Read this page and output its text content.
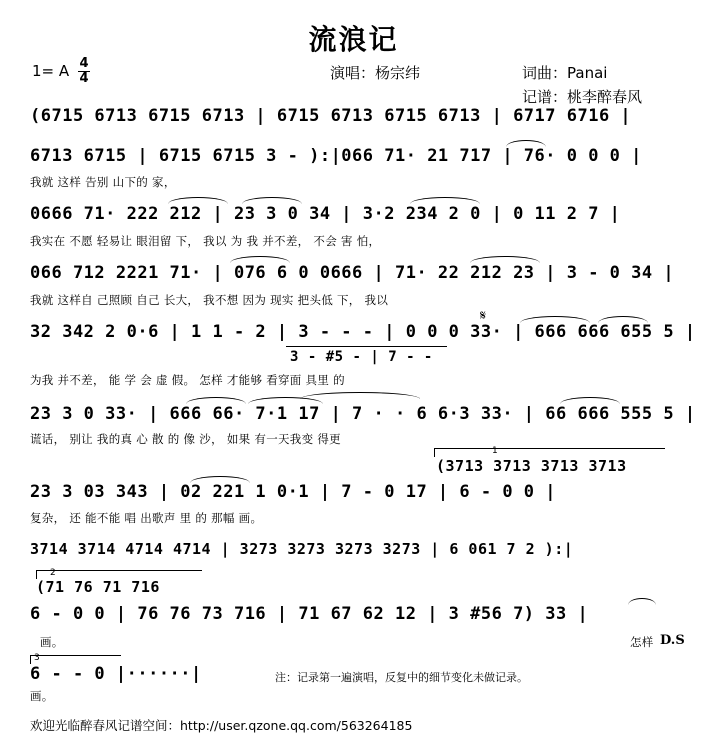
流浪记
1= A 4
4	演唱：杨宗纬	词曲：Panai
记谱：桃李醉春风
(6715 6713 6715 6713 | 6715 6713 6715 6713 | 6717 6716 |
6713 6715 | 6715 6715 3 - ):|066 71· 21 717 | 76· 0 0 0 |
我就 这样 告别 山下的 家，
0666 71· 222 212 | 23 3 0 34 | 3·2 234 2 0 | 0 11 2 7 |
我实在 不愿 轻易让 眼泪留 下， 我以 为 我 并不差， 不会 害 怕，
066 712 2221 71· | 076 6 0 0666 | 71· 22 212 23 | 3 - 0 34 |
我就 这样自 己照顾 自己 长大， 我不想 因为 现实 把头低 下， 我以
32 342 2 0·6 | 1 1 - 2 | 3 - - - | 0 0 0 33· | 666 666 655 5 |
𝄋
3 - #5 - | 7 - -
为我 并不差， 能 学 会 虚 假。 怎样 才能够 看穿面 具里 的
23 3 0 33· | 666 66· 7·1 17 | 7 · · 6 6·3 33· | 66 666 555 5 |
谎话， 别让 我的真 心 散 的 像 沙， 如果 有一天我变 得更
1
(3713 3713 3713 3713
23 3 03 343 | 02 221 1 0·1 | 7 - 0 17 | 6 - 0 0 |
复杂， 还 能不能 唱 出歌声 里 的 那幅 画。
3714 3714 4714 4714 | 3273 3273 3273 3273 | 6 061 7 2 ):|
2
(71 76 71 716
6 - 0 0 | 76 76 73 716 | 71 67 62 12 | 3 #56 7) 33 |
画。	怎样 D.S
3
6 - - 0 |······|
画。
注：记录第一遍演唱，反复中的细节变化未做记录。
欢迎光临醉春风记谱空间：http://user.qzone.qq.com/563264185
